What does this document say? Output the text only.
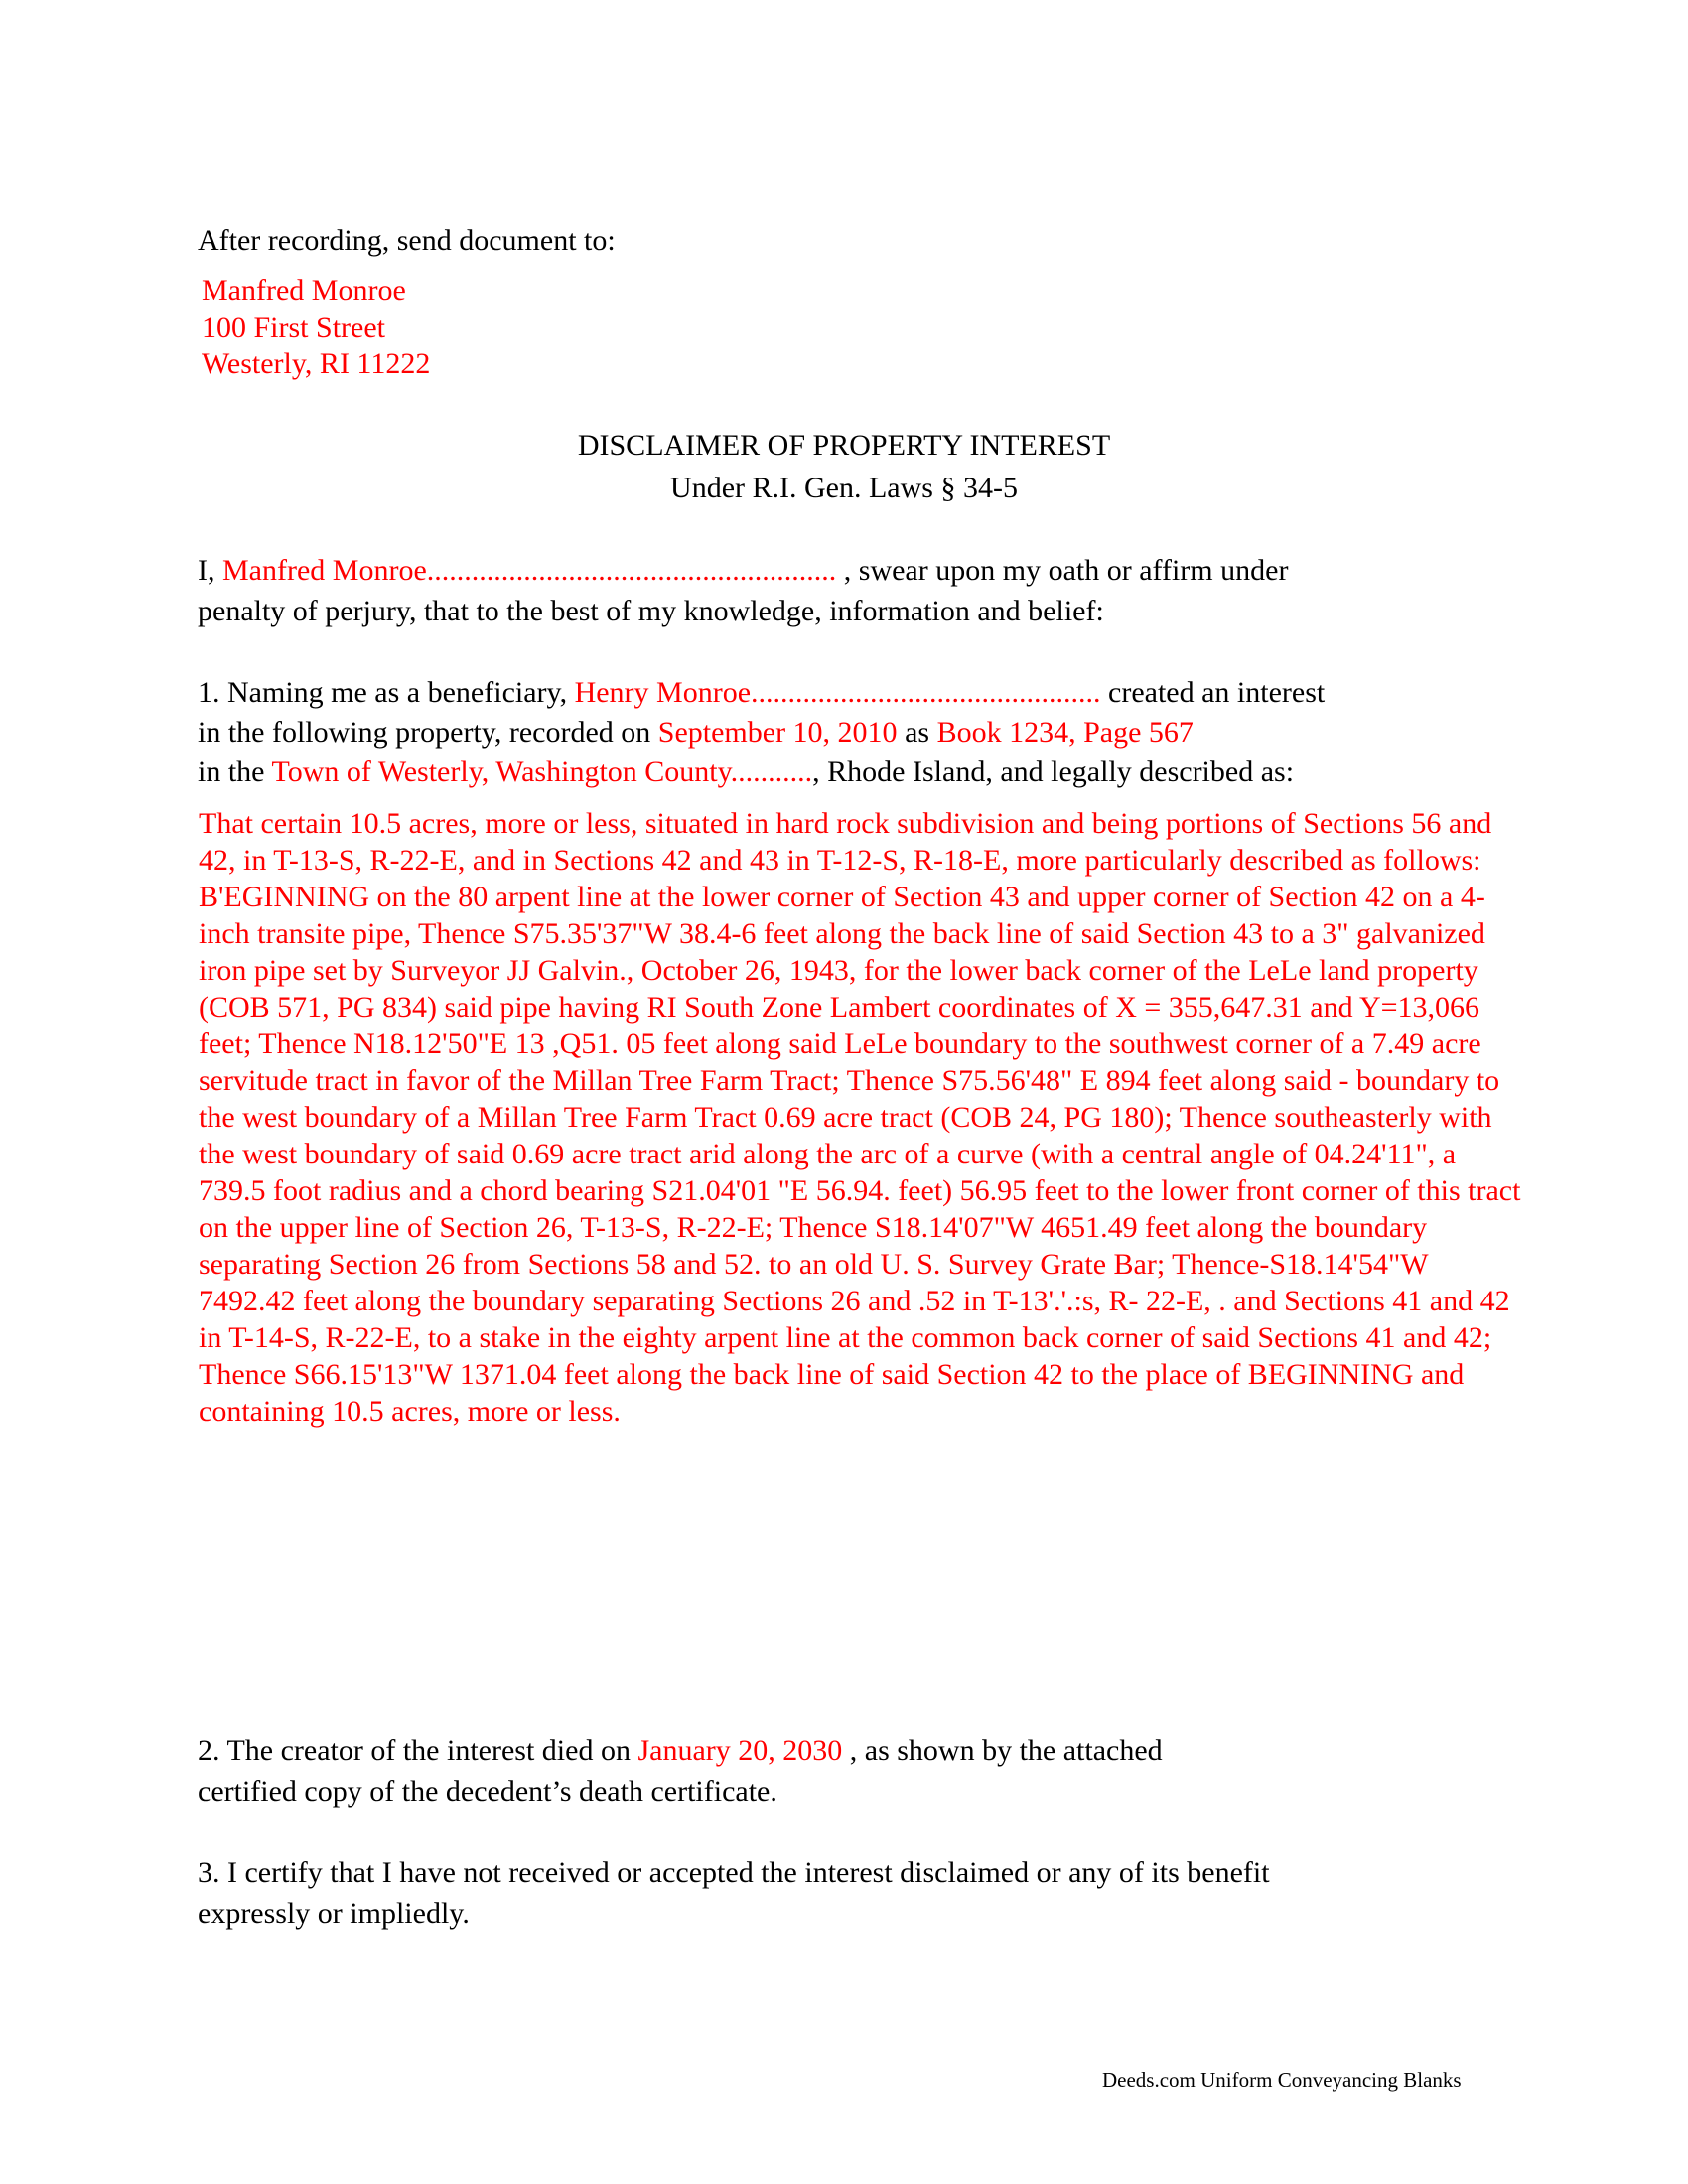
After recording, send document to:
Manfred Monroe
100 First Street
Westerly, RI 11222
DISCLAIMER OF PROPERTY INTEREST
Under R.I. Gen. Laws § 34-5
I, Manfred Monroe....................................................... , swear upon my oath or affirm under
penalty of perjury, that to the best of my knowledge, information and belief:
1. Naming me as a beneficiary, Henry Monroe............................................... created an interest
in the following property, recorded on September 10, 2010 as Book 1234, Page 567
in the Town of Westerly, Washington County..........., Rhode Island, and legally described as:

That certain 10.5 acres, more or less, situated in hard rock subdivision and being portions of Sections 56 and 42, in T-13-S, R-22-E, and in Sections 42 and 43 in T-12-S, R-18-E, more particularly described as follows:

B'EGINNING on the 80 arpent line at the lower corner of Section 43 and upper corner of Section 42 on a 4-inch transite pipe, Thence S75.35'37"W 38.4-6 feet along the back line of said Section 43 to a 3" galvanized iron pipe set by Surveyor JJ Galvin., October 26, 1943, for the lower back corner of the LeLe land property (COB 571, PG 834) said pipe having RI South Zone Lambert coordinates of X = 355,647.31 and Y=13,066 feet; Thence N18.12'50"E 13 ,Q51. 05 feet along said LeLe boundary to the southwest corner of a 7.49 acre servitude tract in favor of the Millan Tree Farm Tract; Thence S75.56'48" E 894 feet along said - boundary to the west boundary of a Millan Tree Farm Tract 0.69 acre tract (COB 24, PG 180); Thence southeasterly with the west boundary of said 0.69 acre tract arid along the arc of a curve (with a central angle of 04.24'11", a 739.5 foot radius and a chord bearing S21.04'01 "E 56.94. feet) 56.95 feet to the lower front corner of this tract on the upper line of Section 26, T-13-S, R-22-E; Thence S18.14'07"W 4651.49 feet along the boundary separating Section 26 from Sections 58 and 52. to an old U. S. Survey Grate Bar; Thence-S18.14'54"W 7492.42 feet along the boundary separating Sections 26 and .52 in T-13'.'.:s, R- 22-E, . and Sections 41 and 42 in T-14-S, R-22-E, to a stake in the eighty arpent line at the common back corner of said Sections 41 and 42; Thence S66.15'13"W 1371.04 feet along the back line of said Section 42 to the place of BEGINNING and containing 10.5 acres, more or less.

2. The creator of the interest died on January 20, 2030 , as shown by the attached
certified copy of the decedent’s death certificate.
3. I certify that I have not received or accepted the interest disclaimed or any of its benefit
expressly or impliedly.
Deeds.com Uniform Conveyancing Blanks
